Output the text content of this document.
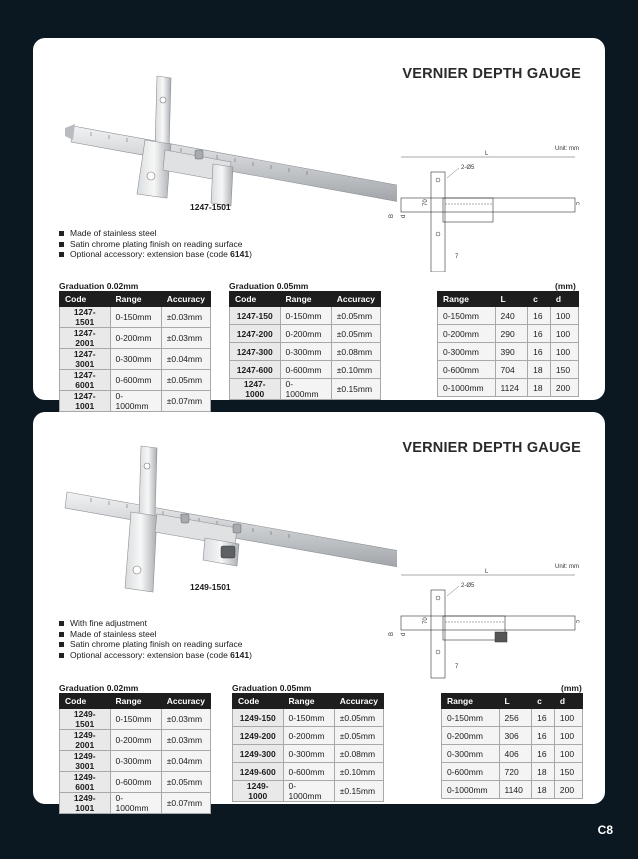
VERNIER DEPTH GAUGE
1247-1501
Unit: mm
L
2-Ø5
B d
70	c
7
Made of stainless steel
Satin chrome plating finish on reading surface
Optional accessory: extension base (code 6141)
Graduation 0.02mm
Code	Range	Accuracy
1247-1501	0-150mm	±0.03mm
1247-2001	0-200mm	±0.03mm
1247-3001	0-300mm	±0.04mm
1247-6001	0-600mm	±0.05mm
1247-1001	0-1000mm	±0.07mm
Graduation 0.05mm
Code	Range	Accuracy
1247-150	0-150mm	±0.05mm
1247-200	0-200mm	±0.05mm
1247-300	0-300mm	±0.08mm
1247-600	0-600mm	±0.10mm
1247-1000	0-1000mm	±0.15mm
(mm)
Range	L	c	d
0-150mm	240	16	100
0-200mm	290	16	100
0-300mm	390	16	100
0-600mm	704	18	150
0-1000mm	1124	18	200
VERNIER DEPTH GAUGE
1249-1501
Unit: mm
L
2-Ø5
B d
70	c
7
With fine adjustment
Made of stainless steel
Satin chrome plating finish on reading surface
Optional accessory: extension base (code 6141)
Graduation 0.02mm
Code	Range	Accuracy
1249-1501	0-150mm	±0.03mm
1249-2001	0-200mm	±0.03mm
1249-3001	0-300mm	±0.04mm
1249-6001	0-600mm	±0.05mm
1249-1001	0-1000mm	±0.07mm
Graduation 0.05mm
Code	Range	Accuracy
1249-150	0-150mm	±0.05mm
1249-200	0-200mm	±0.05mm
1249-300	0-300mm	±0.08mm
1249-600	0-600mm	±0.10mm
1249-1000	0-1000mm	±0.15mm
(mm)
Range	L	c	d
0-150mm	256	16	100
0-200mm	306	16	100
0-300mm	406	16	100
0-600mm	720	18	150
0-1000mm	1140	18	200
C8
